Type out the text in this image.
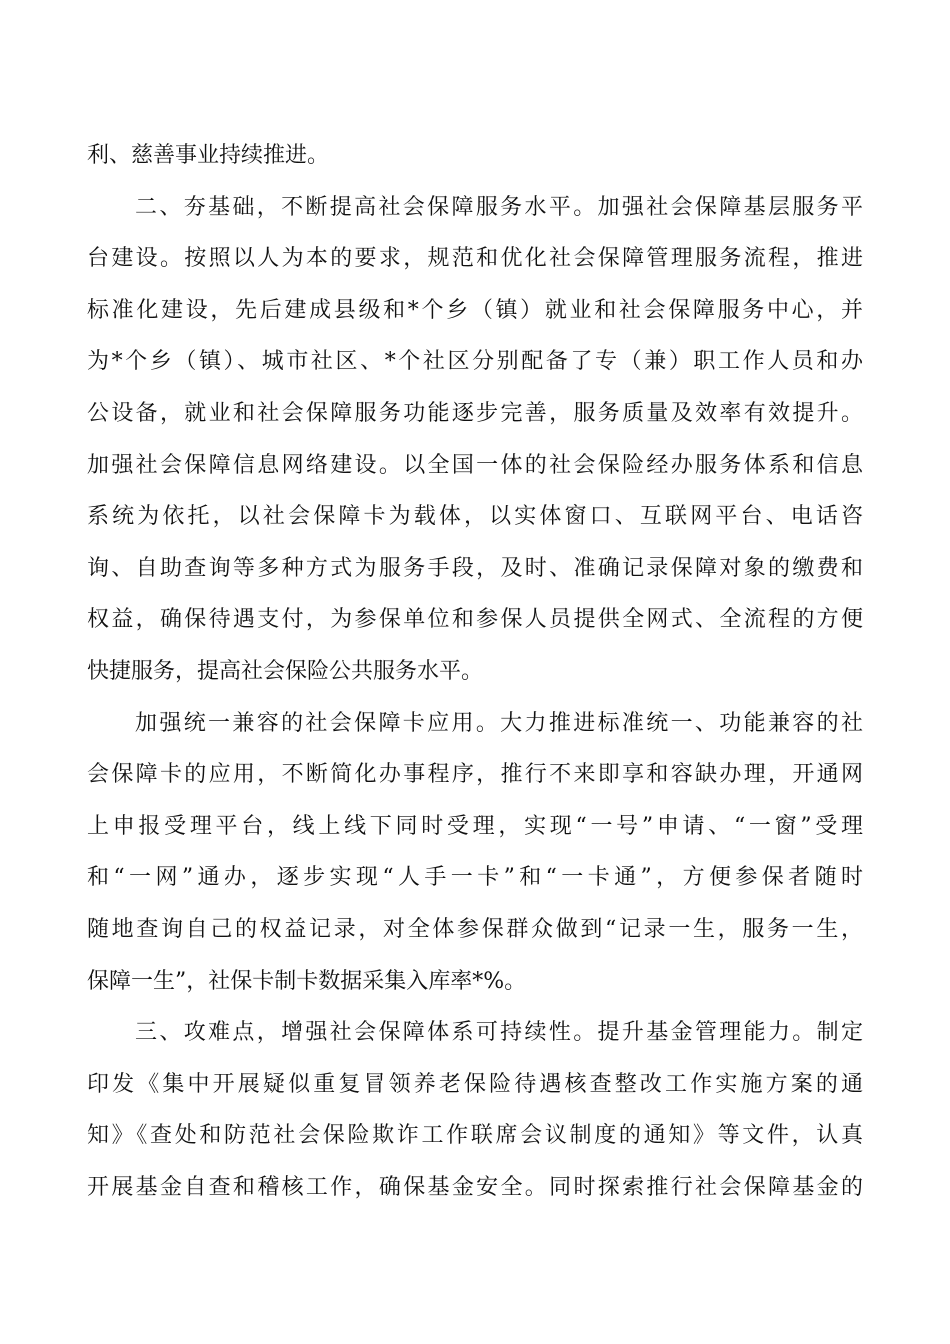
利、慈善事业持续推进。
二、夯基础，不断提高社会保障服务水平。加强社会保障基层服务平
台建设。按照以人为本的要求，规范和优化社会保障管理服务流程，推进
标准化建设，先后建成县级和*个乡（镇）就业和社会保障服务中心，并
为*个乡（镇）、城市社区、*个社区分别配备了专（兼）职工作人员和办
公设备，就业和社会保障服务功能逐步完善，服务质量及效率有效提升。
加强社会保障信息网络建设。以全国一体的社会保险经办服务体系和信息
系统为依托，以社会保障卡为载体，以实体窗口、互联网平台、电话咨
询、自助查询等多种方式为服务手段，及时、准确记录保障对象的缴费和
权益，确保待遇支付，为参保单位和参保人员提供全网式、全流程的方便
快捷服务，提高社会保险公共服务水平。
加强统一兼容的社会保障卡应用。大力推进标准统一、功能兼容的社
会保障卡的应用，不断简化办事程序，推行不来即享和容缺办理，开通网
上申报受理平台，线上线下同时受理，实现“一号”申请、“一窗”受理
和“一网”通办，逐步实现“人手一卡”和“一卡通”，方便参保者随时
随地查询自己的权益记录，对全体参保群众做到“记录一生，服务一生，
保障一生”，社保卡制卡数据采集入库率*%。
三、攻难点，增强社会保障体系可持续性。提升基金管理能力。制定
印发《集中开展疑似重复冒领养老保险待遇核查整改工作实施方案的通
知》《查处和防范社会保险欺诈工作联席会议制度的通知》等文件，认真
开展基金自查和稽核工作，确保基金安全。同时探索推行社会保障基金的
